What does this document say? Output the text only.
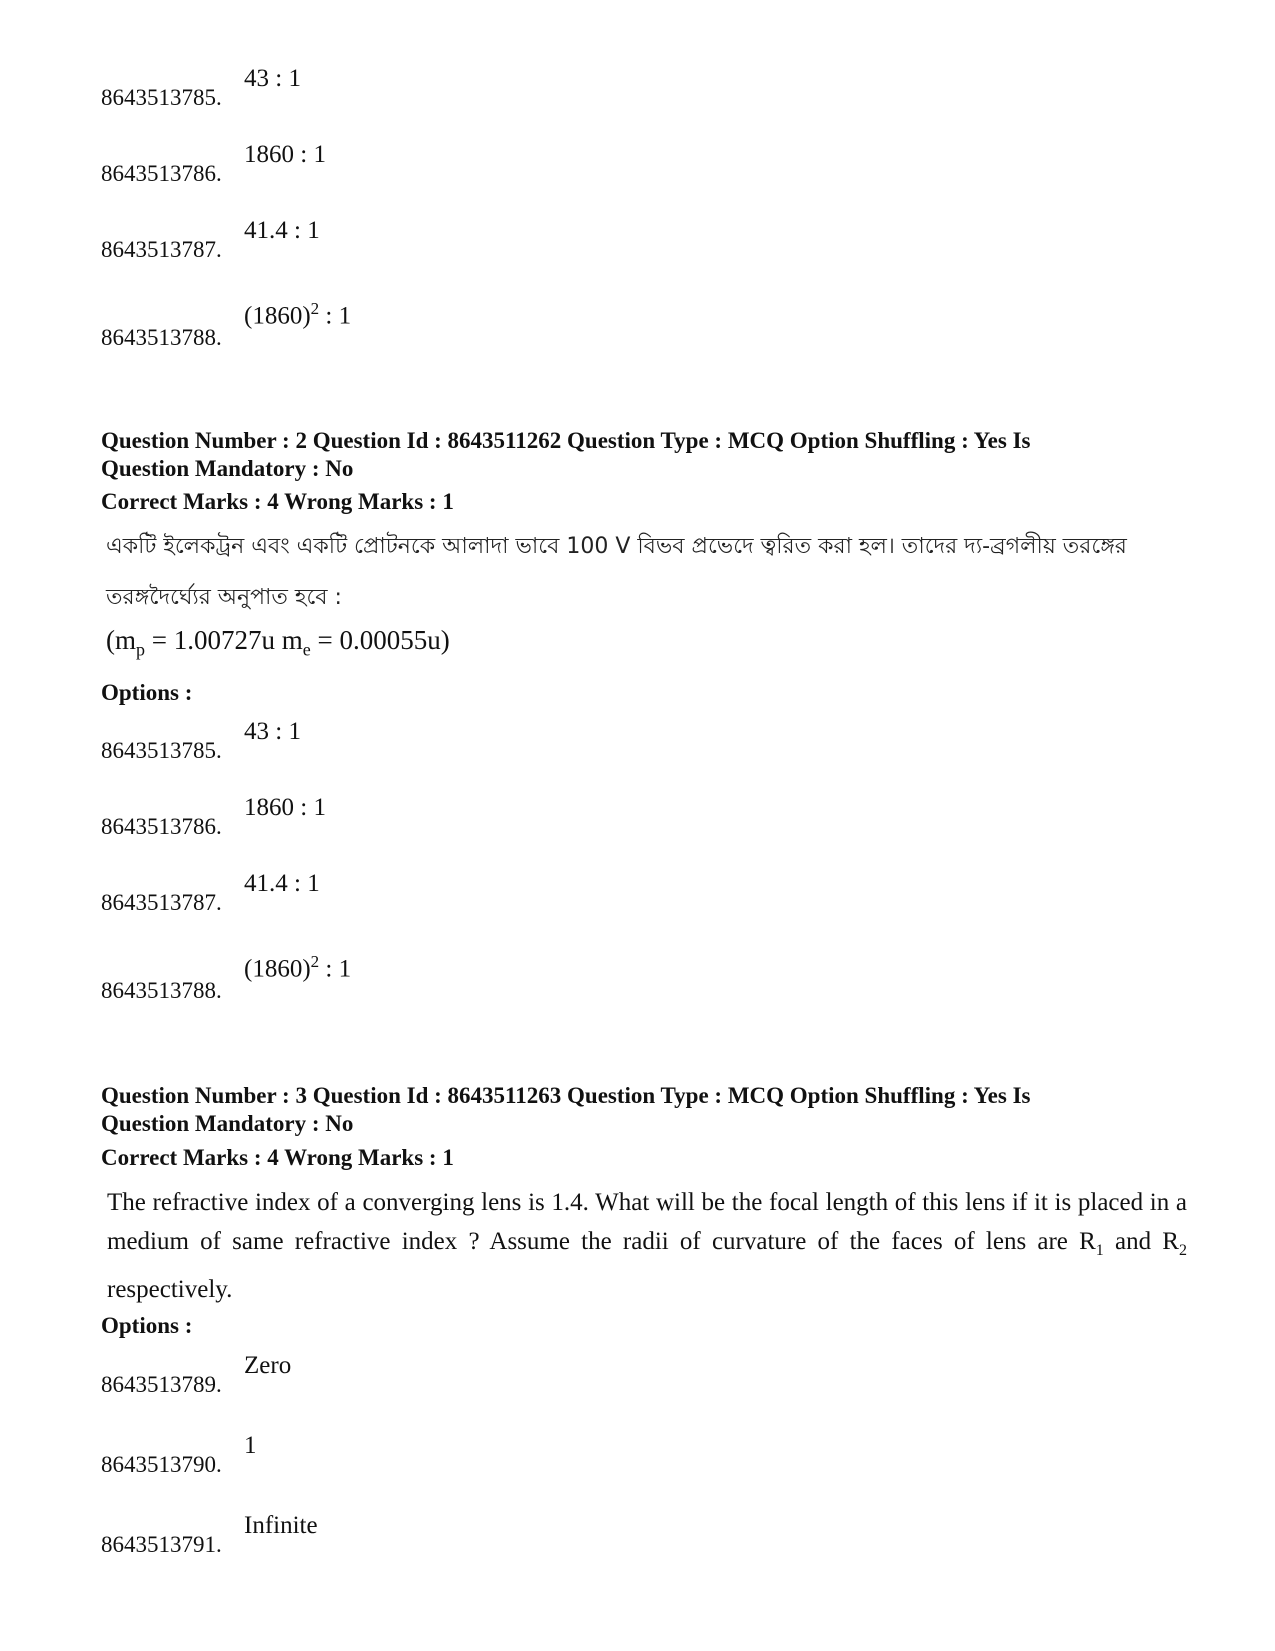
8643513785.
43 : 1
8643513786.
1860 : 1
8643513787.
41.4 : 1
8643513788.
$(1860)^2$ : 1
Question Number : 2 Question Id : 8643511262 Question Type : MCQ Option Shuffling : Yes Is
Question Mandatory : No
Correct Marks : 4 Wrong Marks : 1
একটি ইলেকট্রন এবং একটি প্রোটনকে আলাদা ভাবে 100 V বিভব প্রভেদে ত্বরিত করা হল। তাদের দ্য-ব্রগলীয় তরঙ্গের
তরঙ্গদৈর্ঘ্যের অনুপাত হবে :
($m_p = 1.00727u$ $m_e = 0.00055u$)
Options :
8643513785.
43 : 1
8643513786.
1860 : 1
8643513787.
41.4 : 1
8643513788.
$(1860)^2$ : 1
Question Number : 3 Question Id : 8643511263 Question Type : MCQ Option Shuffling : Yes Is
Question Mandatory : No
Correct Marks : 4 Wrong Marks : 1
The refractive index of a converging lens is 1.4. What will be the focal length of this lens if it is placed in a medium of same refractive index ? Assume the radii of curvature of the faces of lens are $R_1$ and $R_2$ respectively.
Options :
8643513789.
Zero
8643513790.
1
8643513791.
Infinite
